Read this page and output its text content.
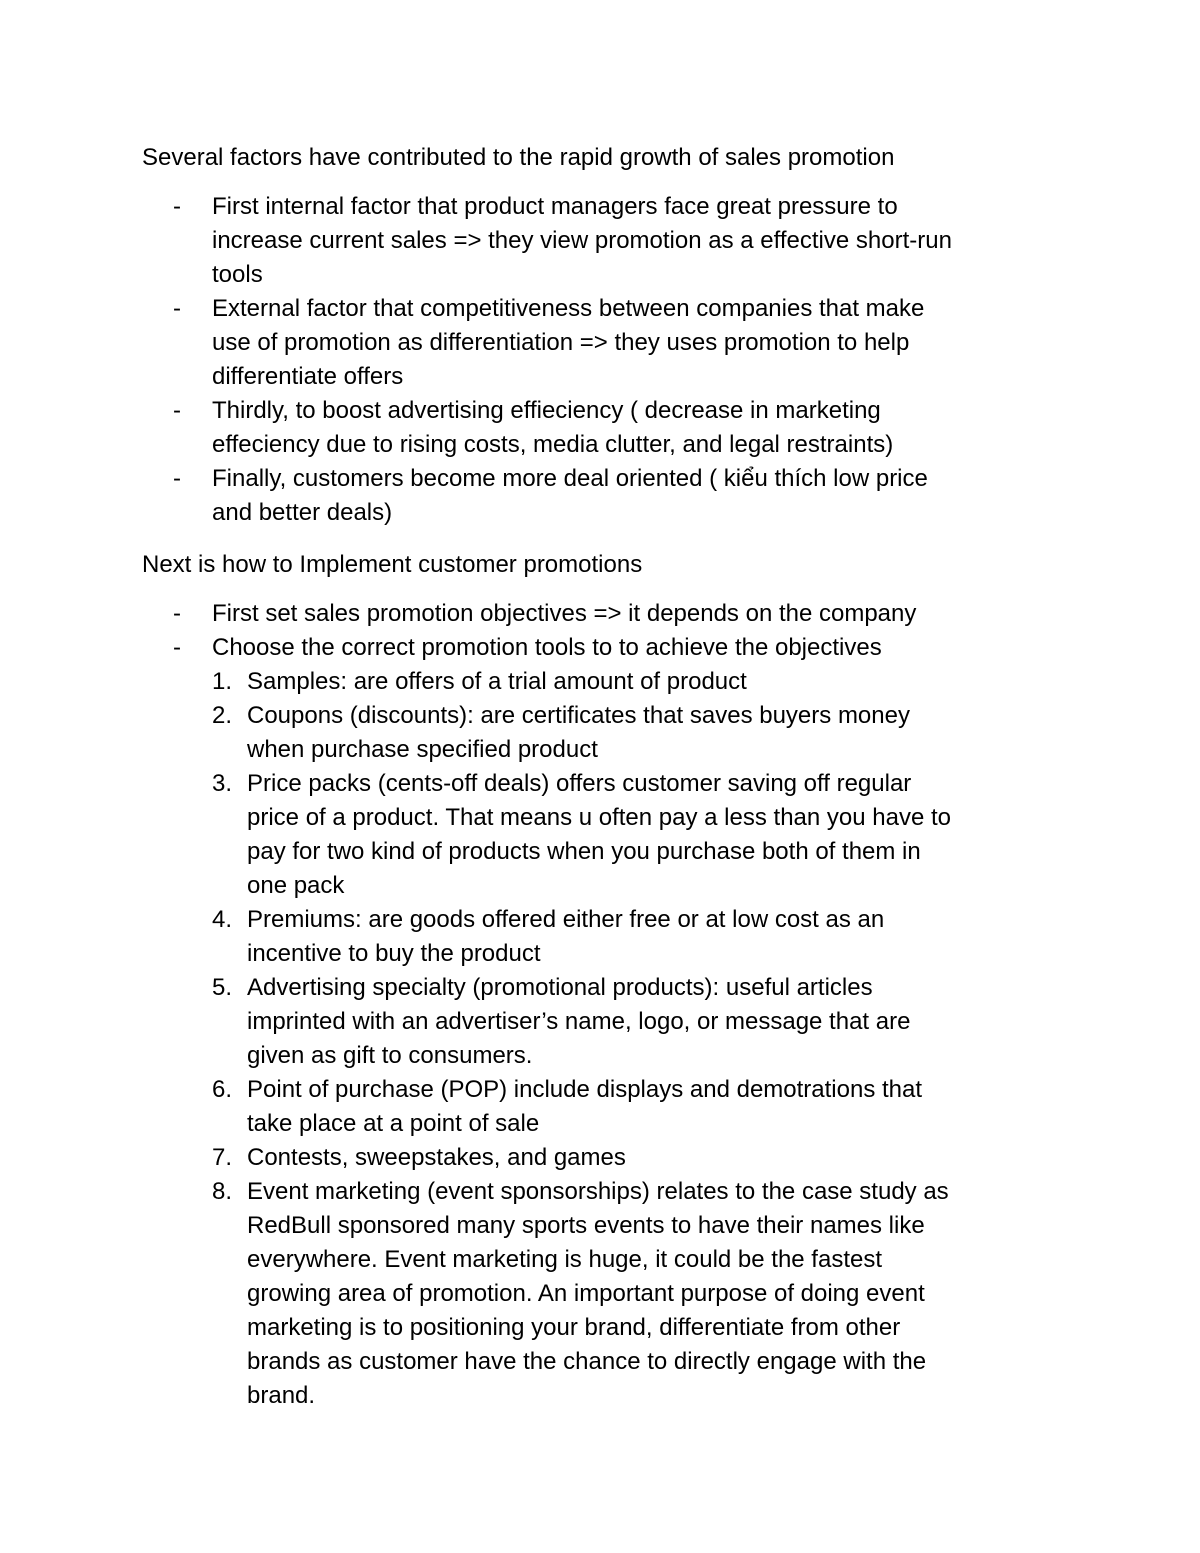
Several factors have contributed to the rapid growth of sales promotion
- First internal factor that product managers face great pressure to
increase current sales => they view promotion as a effective short-run
tools
- External factor that competitiveness between companies that make
use of promotion as differentiation => they uses promotion to help
differentiate offers
- Thirdly, to boost advertising effieciency ( decrease in marketing
effeciency due to rising costs, media clutter, and legal restraints)
- Finally, customers become more deal oriented ( kiểu thích low price
and better deals)
Next is how to Implement customer promotions
- First set sales promotion objectives => it depends on the company
- Choose the correct promotion tools to to achieve the objectives
1. Samples: are offers of a trial amount of product
2. Coupons (discounts): are certificates that saves buyers money
when purchase specified product
3. Price packs (cents-off deals) offers customer saving off regular
price of a product. That means u often pay a less than you have to
pay for two kind of products when you purchase both of them in
one pack
4. Premiums: are goods offered either free or at low cost as an
incentive to buy the product
5. Advertising specialty (promotional products): useful articles
imprinted with an advertiser’s name, logo, or message that are
given as gift to consumers.
6. Point of purchase (POP) include displays and demotrations that
take place at a point of sale
7. Contests, sweepstakes, and games
8. Event marketing (event sponsorships) relates to the case study as
RedBull sponsored many sports events to have their names like
everywhere. Event marketing is huge, it could be the fastest
growing area of promotion. An important purpose of doing event
marketing is to positioning your brand, differentiate from other
brands as customer have the chance to directly engage with the
brand.
